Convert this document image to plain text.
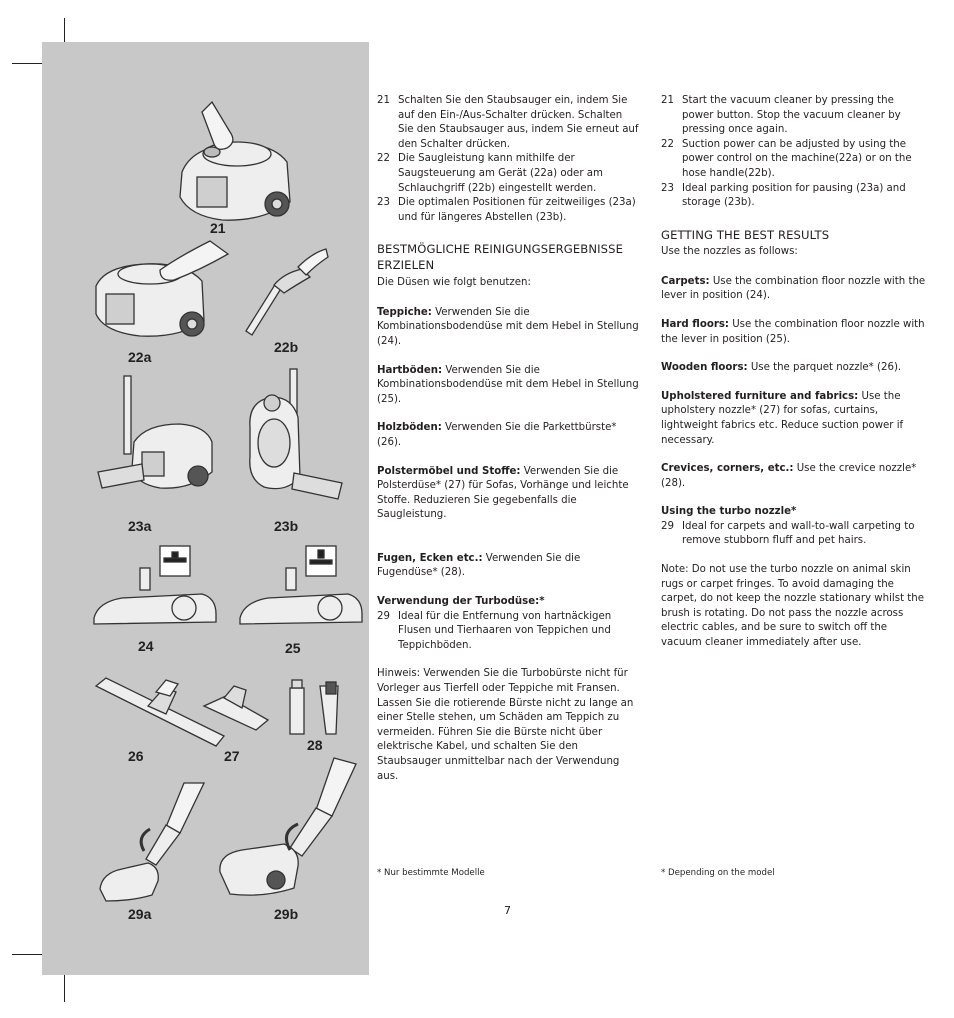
21
22a
22b
23a	23b
24	25
26	27
28
29a	29b
21 Schalten Sie den Staubsauger ein, indem Sie auf den Ein-/Aus-Schalter drücken. Schalten Sie den Staubsauger aus, indem Sie erneut auf den Schalter drücken.
22 Die Saugleistung kann mithilfe der Saugsteuerung am Gerät (22a) oder am Schlauchgriff (22b) eingestellt werden.
23 Die optimalen Positionen für zeitweiliges (23a) und für längeres Abstellen (23b).

BESTMÖGLICHE REINIGUNGSERGEBNISSE ERZIELEN

Die Düsen wie folgt benutzen:

Teppiche: Verwenden Sie die Kombinationsbodendüse mit dem Hebel in Stellung (24).

Hartböden: Verwenden Sie die Kombinationsbodendüse mit dem Hebel in Stellung (25).

Holzböden: Verwenden Sie die Parkettbürste* (26).

Polstermöbel und Stoffe: Verwenden Sie die Polsterdüse* (27) für Sofas, Vorhänge und leichte Stoffe. Reduzieren Sie gegebenfalls die Saugleistung.

Fugen, Ecken etc.: Verwenden Sie die Fugendüse* (28).

Verwendung der Turbodüse:*

29 Ideal für die Entfernung von hartnäckigen Flusen und Tierhaaren von Teppichen und Teppichböden.

Hinweis: Verwenden Sie die Turbobürste nicht für Vorleger aus Tierfell oder Teppiche mit Fransen. Lassen Sie die rotierende Bürste nicht zu lange an einer Stelle stehen, um Schäden am Teppich zu vermeiden. Führen Sie die Bürste nicht über elektrische Kabel, und schalten Sie den Staubsauger unmittelbar nach der Verwendung aus.

* Nur bestimmte Modelle
21 Start the vacuum cleaner by pressing the power button. Stop the vacuum cleaner by pressing once again.
22 Suction power can be adjusted by using the power control on the machine(22a) or on the hose handle(22b).
23 Ideal parking position for pausing (23a) and storage (23b).

GETTING THE BEST RESULTS

Use the nozzles as follows:

Carpets: Use the combination floor nozzle with the lever in position (24).

Hard floors: Use the combination floor nozzle with the lever in position (25).

Wooden floors: Use the parquet nozzle* (26).

Upholstered furniture and fabrics: Use the upholstery nozzle* (27) for sofas, curtains, lightweight fabrics etc. Reduce suction power if necessary.

Crevices, corners, etc.: Use the crevice nozzle* (28).

Using the turbo nozzle*

29 Ideal for carpets and wall-to-wall carpeting to remove stubborn fluff and pet hairs.

Note: Do not use the turbo nozzle on animal skin rugs or carpet fringes. To avoid damaging the carpet, do not keep the nozzle stationary whilst the brush is rotating. Do not pass the nozzle across electric cables, and be sure to switch off the vacuum cleaner immediately after use.

* Depending on the model
7
